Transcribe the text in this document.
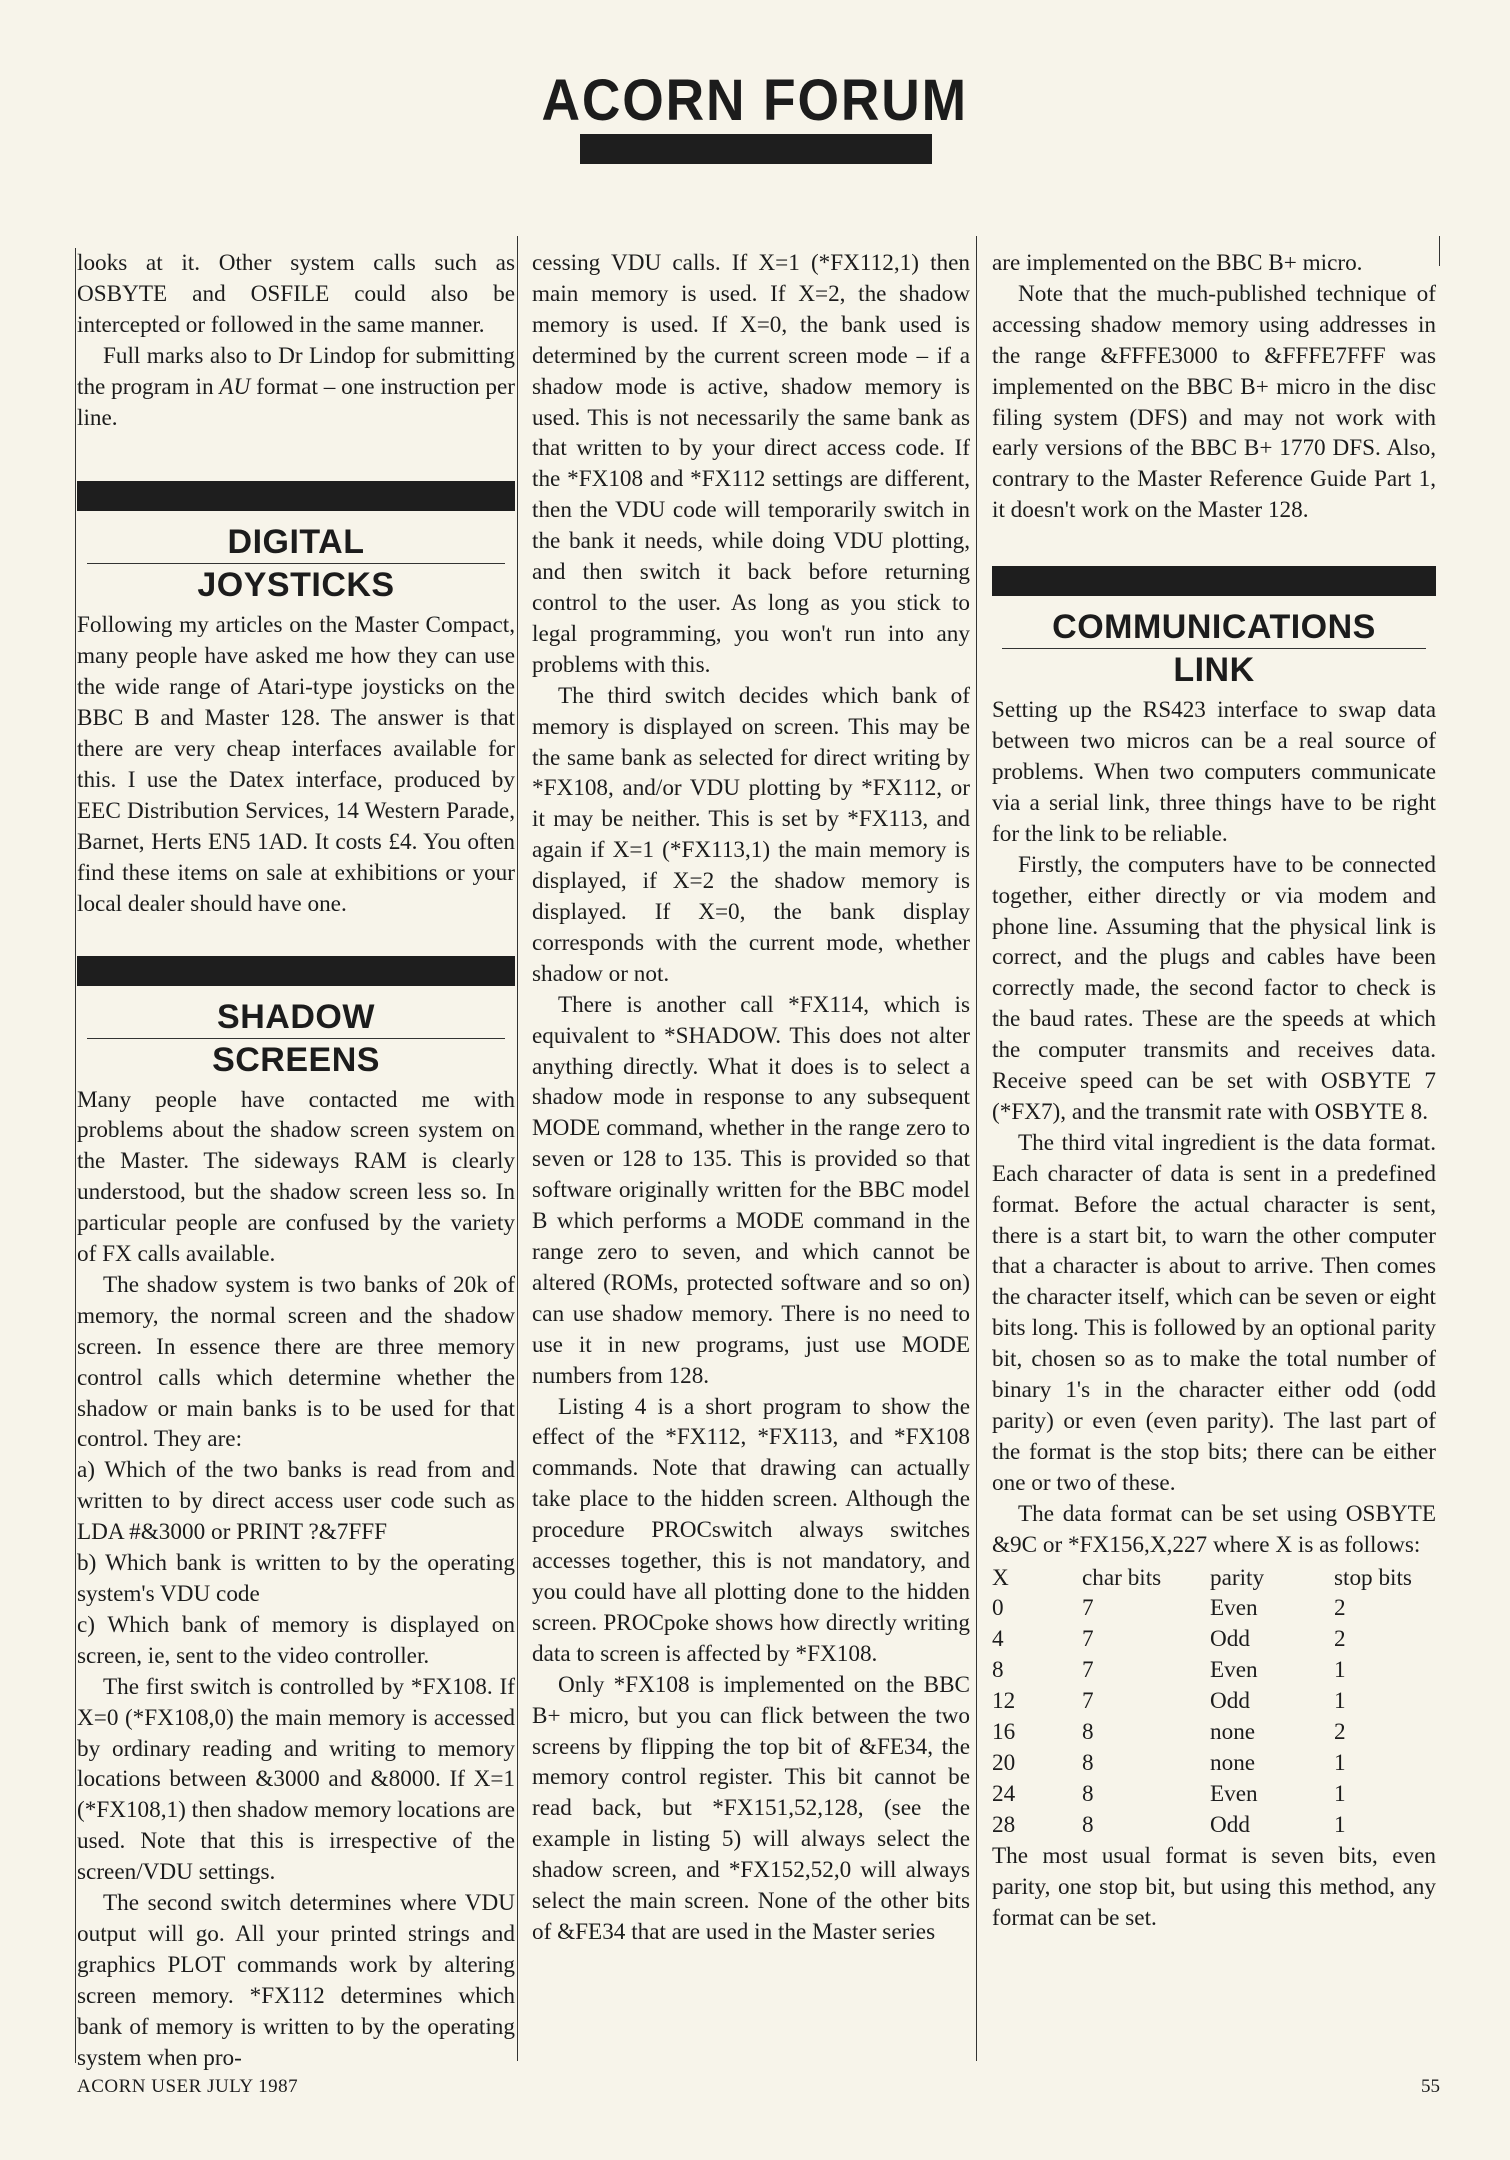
ACORN FORUM

looks at it. Other system calls such as OSBYTE and OSFILE could also be intercepted or followed in the same manner.

Full marks also to Dr Lindop for submitting the program in AU format – one instruction per line.

DIGITAL
JOYSTICKS

Following my articles on the Master Compact, many people have asked me how they can use the wide range of Atari-type joysticks on the BBC B and Master 128. The answer is that there are very cheap interfaces available for this. I use the Datex interface, produced by EEC Distribution Services, 14 Western Parade, Barnet, Herts EN5 1AD. It costs £4. You often find these items on sale at exhibitions or your local dealer should have one.

SHADOW
SCREENS

Many people have contacted me with problems about the shadow screen system on the Master. The sideways RAM is clearly understood, but the shadow screen less so. In particular people are confused by the variety of FX calls available.

The shadow system is two banks of 20k of memory, the normal screen and the shadow screen. In essence there are three memory control calls which determine whether the shadow or main banks is to be used for that control. They are:

a) Which of the two banks is read from and written to by direct access user code such as LDA #&3000 or PRINT ?&7FFF

b) Which bank is written to by the operating system's VDU code

c) Which bank of memory is displayed on screen, ie, sent to the video controller.

The first switch is controlled by *FX108. If X=0 (*FX108,0) the main memory is accessed by ordinary reading and writing to memory locations between &3000 and &8000. If X=1 (*FX108,1) then shadow memory locations are used. Note that this is irrespective of the screen/VDU settings.

The second switch determines where VDU output will go. All your printed strings and graphics PLOT commands work by altering screen memory. *FX112 determines which bank of memory is written to by the operating system when pro-

cessing VDU calls. If X=1 (*FX112,1) then main memory is used. If X=2, the shadow memory is used. If X=0, the bank used is determined by the current screen mode – if a shadow mode is active, shadow memory is used. This is not necessarily the same bank as that written to by your direct access code. If the *FX108 and *FX112 settings are different, then the VDU code will temporarily switch in the bank it needs, while doing VDU plotting, and then switch it back before returning control to the user. As long as you stick to legal programming, you won't run into any problems with this.

The third switch decides which bank of memory is displayed on screen. This may be the same bank as selected for direct writing by *FX108, and/or VDU plotting by *FX112, or it may be neither. This is set by *FX113, and again if X=1 (*FX113,1) the main memory is displayed, if X=2 the shadow memory is displayed. If X=0, the bank display corresponds with the current mode, whether shadow or not.

There is another call *FX114, which is equivalent to *SHADOW. This does not alter anything directly. What it does is to select a shadow mode in response to any subsequent MODE command, whether in the range zero to seven or 128 to 135. This is provided so that software originally written for the BBC model B which performs a MODE command in the range zero to seven, and which cannot be altered (ROMs, protected software and so on) can use shadow memory. There is no need to use it in new programs, just use MODE numbers from 128.

Listing 4 is a short program to show the effect of the *FX112, *FX113, and *FX108 commands. Note that drawing can actually take place to the hidden screen. Although the procedure PROCswitch always switches accesses together, this is not mandatory, and you could have all plotting done to the hidden screen. PROCpoke shows how directly writing data to screen is affected by *FX108.

Only *FX108 is implemented on the BBC B+ micro, but you can flick between the two screens by flipping the top bit of &FE34, the memory control register. This bit cannot be read back, but *FX151,52,128, (see the example in listing 5) will always select the shadow screen, and *FX152,52,0 will always select the main screen. None of the other bits of &FE34 that are used in the Master series

are implemented on the BBC B+ micro.

Note that the much-published technique of accessing shadow memory using addresses in the range &FFFE3000 to &FFFE7FFF was implemented on the BBC B+ micro in the disc filing system (DFS) and may not work with early versions of the BBC B+ 1770 DFS. Also, contrary to the Master Reference Guide Part 1, it doesn't work on the Master 128.

COMMUNICATIONS
LINK

Setting up the RS423 interface to swap data between two micros can be a real source of problems. When two computers communicate via a serial link, three things have to be right for the link to be reliable.

Firstly, the computers have to be connected together, either directly or via modem and phone line. Assuming that the physical link is correct, and the plugs and cables have been correctly made, the second factor to check is the baud rates. These are the speeds at which the computer transmits and receives data. Receive speed can be set with OSBYTE 7 (*FX7), and the transmit rate with OSBYTE 8.

The third vital ingredient is the data format. Each character of data is sent in a predefined format. Before the actual character is sent, there is a start bit, to warn the other computer that a character is about to arrive. Then comes the character itself, which can be seven or eight bits long. This is followed by an optional parity bit, chosen so as to make the total number of binary 1's in the character either odd (odd parity) or even (even parity). The last part of the format is the stop bits; there can be either one or two of these.

The data format can be set using OSBYTE &9C or *FX156,X,227 where X is as follows:

X	char bits	parity	stop bits
0	7	Even	2
4	7	Odd	2
8	7	Even	1
12	7	Odd	1
16	8	none	2
20	8	none	1
24	8	Even	1
28	8	Odd	1

The most usual format is seven bits, even parity, one stop bit, but using this method, any format can be set.

ACORN USER JULY 1987	55
